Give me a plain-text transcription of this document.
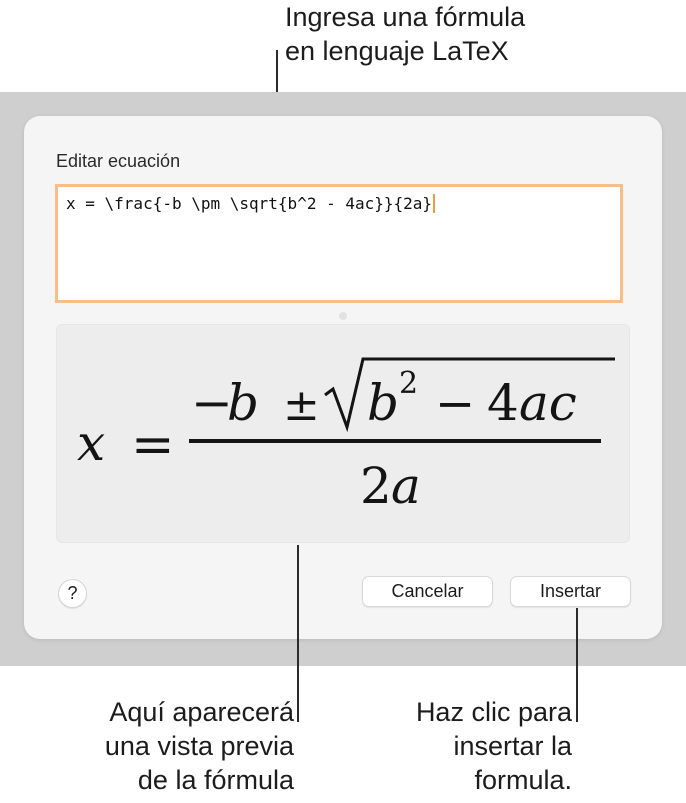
Ingresa una fórmula
en lenguaje LaTeX
Editar ecuación
x = \frac{-b \pm \sqrt{b^2 - 4ac}}{2a}
x =
−
b ± b 2 − 4 ac
2 a
?	Cancelar	Insertar
Aquí aparecerá
una vista previa
de la fórmula
Haz clic para
insertar la
formula.
